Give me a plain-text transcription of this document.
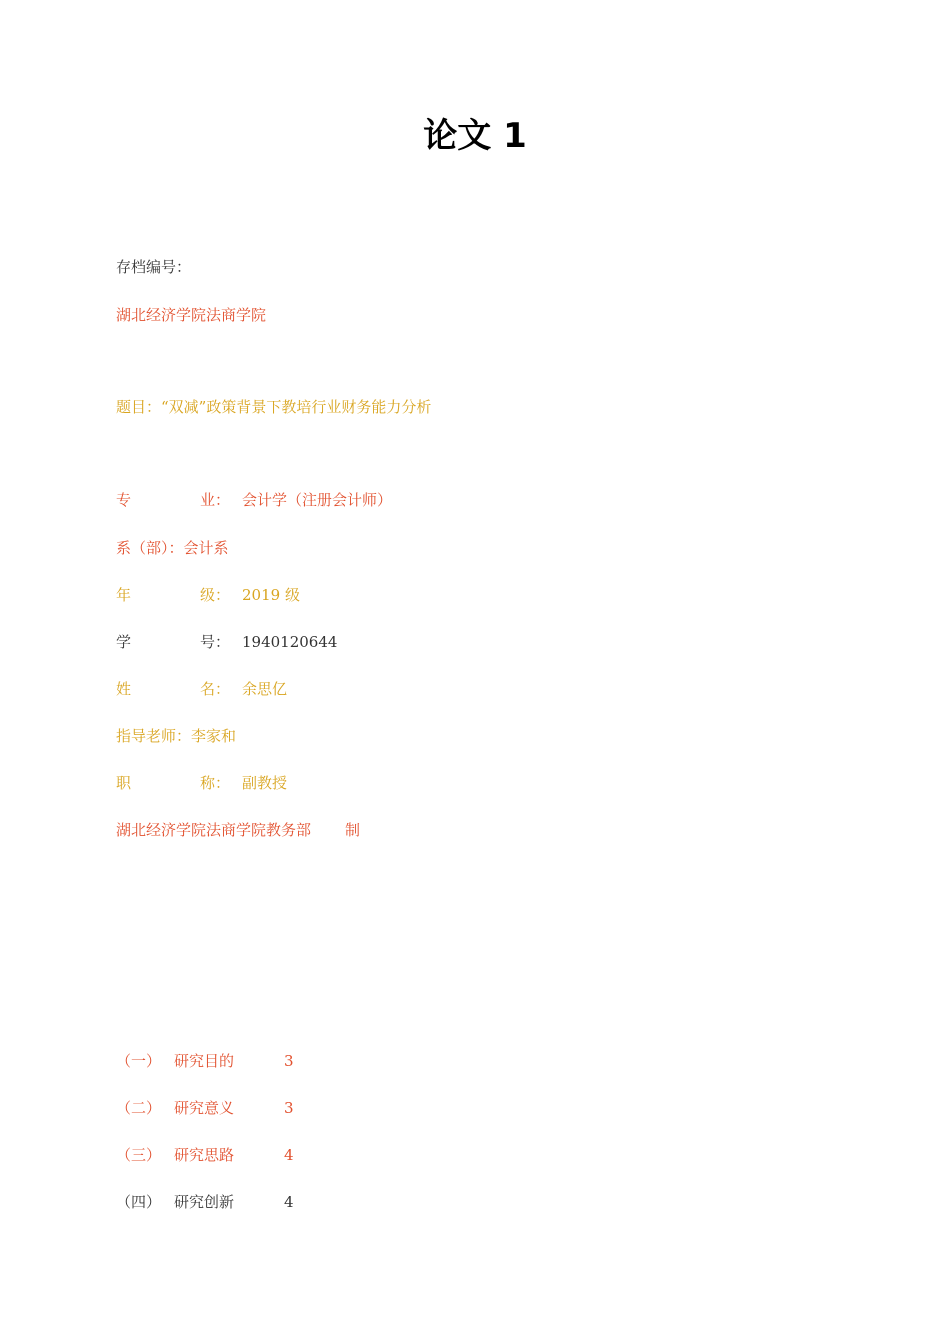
论文 1
存档编号：
湖北经济学院法商学院
题目：“双减”政策背景下教培行业财务能力分析
专	业： 会计学（注册会计师）
系（部）：会计系
年	级： 2019 级
学	号： 1940120644
姓	名： 余思亿
指导老师：李家和
职	称： 副教授
湖北经济学院法商学院教务部 制
（一） 研究目的	3
（二） 研究意义	3
（三） 研究思路	4
（四） 研究创新	4
